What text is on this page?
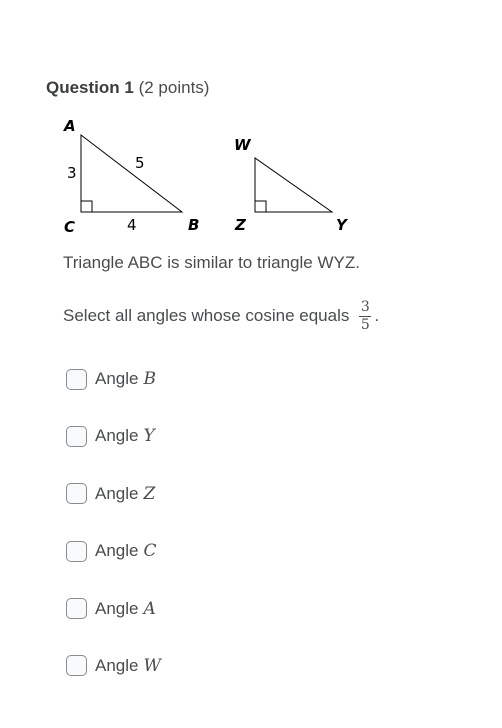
Question 1 (2 points)
A
C	B
3
5
4
W
Z	Y
Triangle ABC is similar to triangle WYZ.
Select all angles whose cosine equals $\frac{3}{5}$ .
Angle B
Angle Y
Angle Z
Angle C
Angle A
Angle W
